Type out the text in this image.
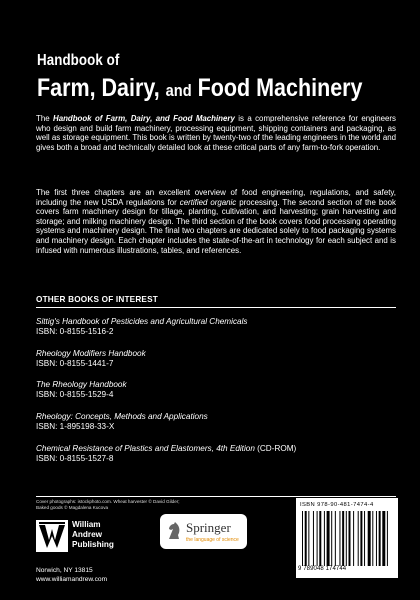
Handbook of
Farm, Dairy, and Food Machinery
The Handbook of Farm, Dairy, and Food Machinery is a comprehensive reference for engineers who design and build farm machinery, processing equipment, shipping containers and packaging, as well as storage equipment. This book is written by twenty-two of the leading engineers in the world and gives both a broad and technically detailed look at these critical parts of any farm-to-fork operation.
The first three chapters are an excellent overview of food engineering, regulations, and safety, including the new USDA regulations for certified organic processing. The second section of the book covers farm machinery design for tillage, planting, cultivation, and harvesting; grain harvesting and storage; and milking machinery design. The third section of the book covers food processing operating systems and machinery design. The final two chapters are dedicated solely to food packaging systems and machinery design. Each chapter includes the state-of-the-art in technology for each subject and is infused with numerous illustrations, tables, and references.
OTHER BOOKS OF INTEREST
Sittig's Handbook of Pesticides and Agricultural Chemicals
ISBN: 0-8155-1516-2
Rheology Modifiers Handbook
ISBN: 0-8155-1441-7
The Rheology Handbook
ISBN: 0-8155-1529-4
Rheology: Concepts, Methods and Applications
ISBN: 1-895198-33-X
Chemical Resistance of Plastics and Elastomers, 4th Edition (CD-ROM)
ISBN: 0-8155-1527-8
Cover photographs: istockphoto.com. Wheat harvester © David Gilder;
Baked goods © Magdalena Kucova
William
Andrew
Publishing
Norwich, NY 13815
www.williamandrew.com
Springer
the language of science
ISBN 978-90-481-7474-4
9 789048 174744
